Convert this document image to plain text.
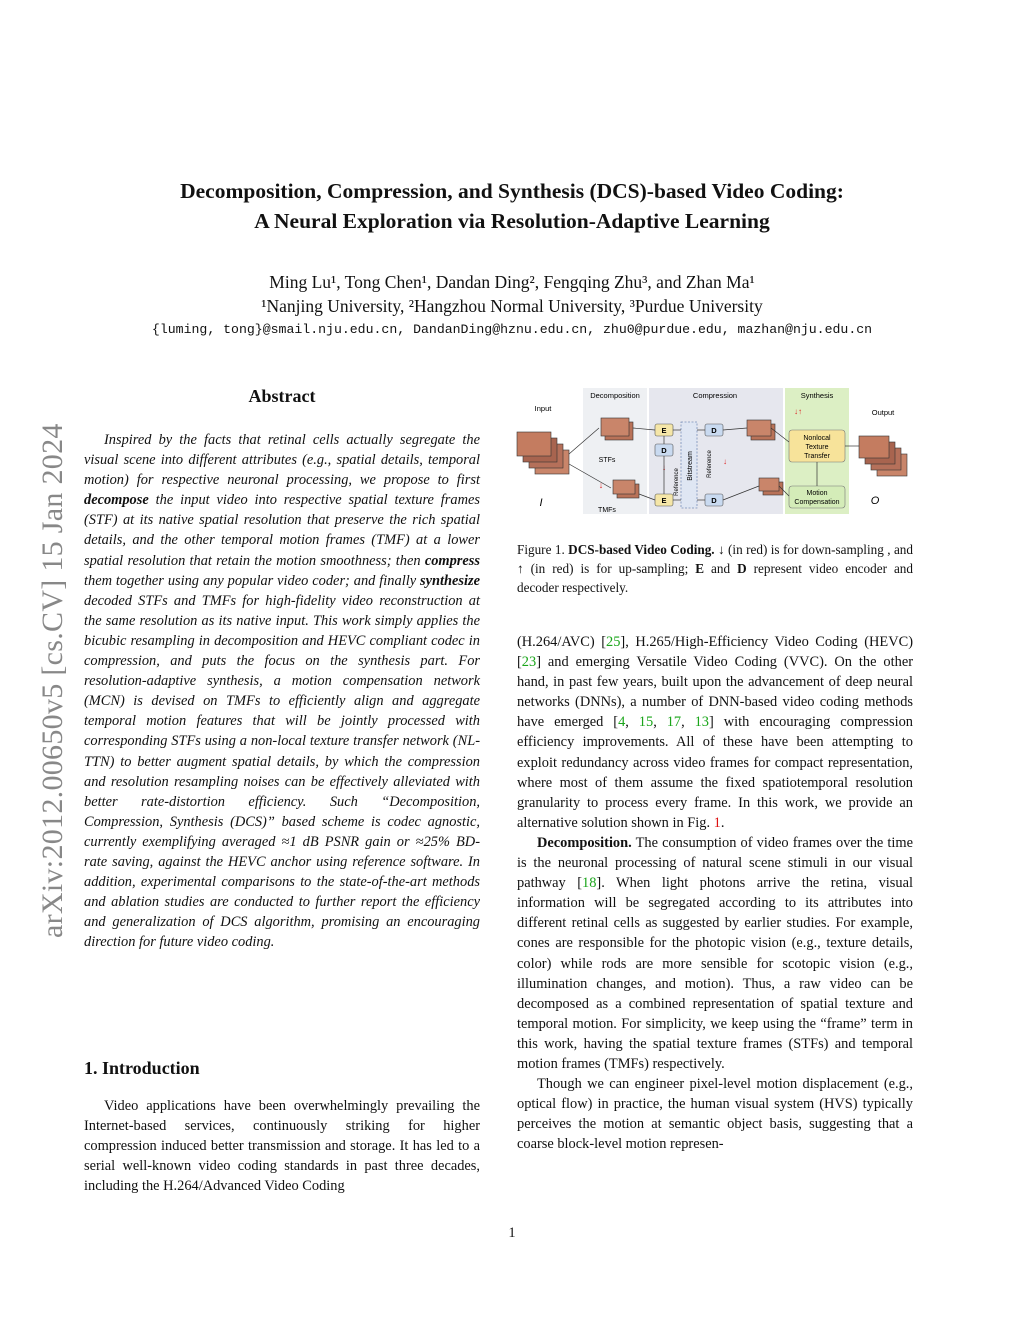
Decomposition, Compression, and Synthesis (DCS)-based Video Coding:
A Neural Exploration via Resolution-Adaptive Learning
Ming Lu¹, Tong Chen¹, Dandan Ding², Fengqing Zhu³, and Zhan Ma¹
¹Nanjing University, ²Hangzhou Normal University, ³Purdue University
{luming, tong}@smail.nju.edu.cn, DandanDing@hznu.edu.cn, zhu0@purdue.edu, mazhan@nju.edu.cn
arXiv:2012.00650v5 [cs.CV] 15 Jan 2024
Abstract

Inspired by the facts that retinal cells actually segregate the visual scene into different attributes (e.g., spatial details, temporal motion) for respective neuronal processing, we propose to first decompose the input video into respective spatial texture frames (STF) at its native spatial resolution that preserve the rich spatial details, and the other temporal motion frames (TMF) at a lower spatial resolution that retain the motion smoothness; then compress them together using any popular video coder; and finally synthesize decoded STFs and TMFs for high-fidelity video reconstruction at the same resolution as its native input. This work simply applies the bicubic resampling in decomposition and HEVC compliant codec in compression, and puts the focus on the synthesis part. For resolution-adaptive synthesis, a motion compensation network (MCN) is devised on TMFs to efficiently align and aggregate temporal motion features that will be jointly processed with corresponding STFs using a non-local texture transfer network (NL-TTN) to better augment spatial details, by which the compression and resolution resampling noises can be effectively alleviated with better rate-distortion efficiency. Such “Decomposition, Compression, Synthesis (DCS)” based scheme is codec agnostic, currently exemplifying averaged ≈1 dB PSNR gain or ≈25% BD-rate saving, against the HEVC anchor using reference software. In addition, experimental comparisons to the state-of-the-art methods and ablation studies are conducted to further report the efficiency and generalization of DCS algorithm, promising an encouraging direction for future video coding.

1. Introduction

Video applications have been overwhelmingly prevailing the Internet-based services, continuously striking for higher compression induced better transmission and storage. It has led to a serial well-known video coding standards in past three decades, including the H.264/Advanced Video Coding

Decomposition	Compression	Synthesis
Input	Output
I
STFs
↓
TMFs
E
D
E
↓	Bitstream
Reference
Reference
D
D
↓
↓↑
Nonlocal
Texture
Transfer
Motion
Compensation	O

Figure 1. DCS-based Video Coding. ↓ (in red) is for down-sampling , and ↑ (in red) is for up-sampling; E and D represent video encoder and decoder respectively.

(H.264/AVC) [25], H.265/High-Efficiency Video Coding (HEVC) [23] and emerging Versatile Video Coding (VVC). On the other hand, in past few years, built upon the advancement of deep neural networks (DNNs), a number of DNN-based video coding methods have emerged [4, 15, 17, 13] with encouraging compression efficiency improvements. All of these have been attempting to exploit redundancy across video frames for compact representation, where most of them assume the fixed spatiotemporal resolution granularity to process every frame. In this work, we provide an alternative solution shown in Fig. 1.

Decomposition. The consumption of video frames over the time is the neuronal processing of natural scene stimuli in our visual pathway [18]. When light photons arrive the retina, visual information will be segregated according to its attributes into different retinal cells as suggested by earlier studies. For example, cones are responsible for the photopic vision (e.g., texture details, color) while rods are more sensible for scotopic vision (e.g., illumination changes, and motion). Thus, a raw video can be decomposed as a combined representation of spatial texture and temporal motion. For simplicity, we keep using the “frame” term in this work, having the spatial texture frames (STFs) and temporal motion frames (TMFs) respectively.

Though we can engineer pixel-level motion displacement (e.g., optical flow) in practice, the human visual system (HVS) typically perceives the motion at semantic object basis, suggesting that a coarse block-level motion represen-

1
